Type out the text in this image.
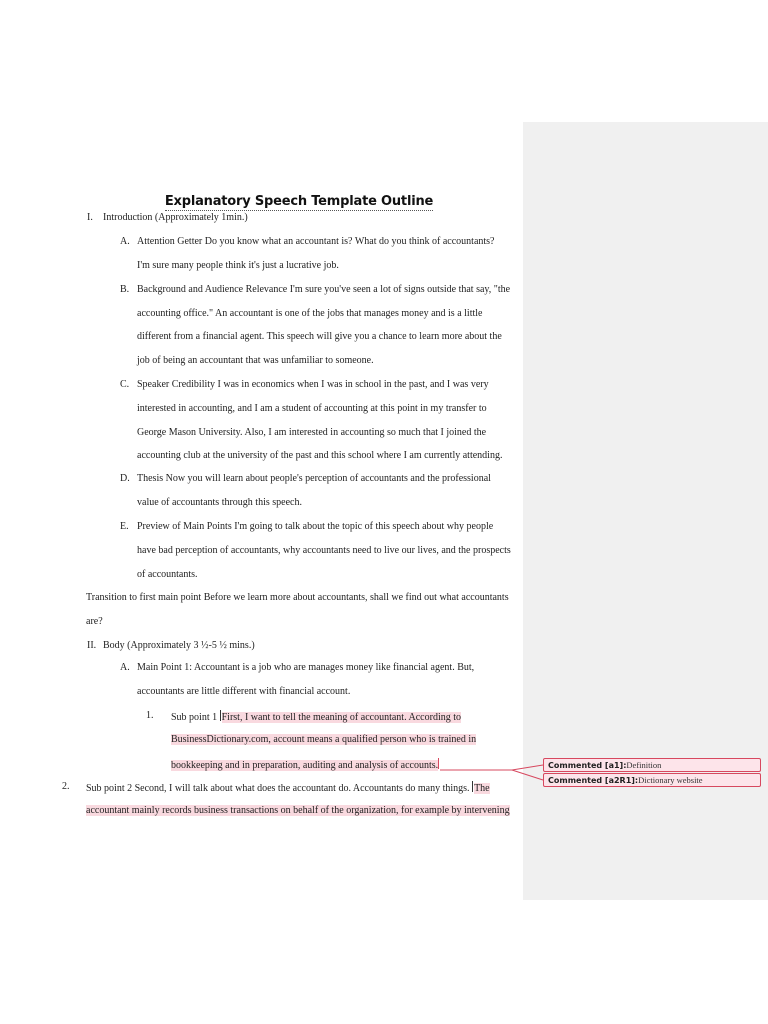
Explanatory Speech Template Outline
I. Introduction (Approximately 1min.)
A. Attention Getter Do you know what an accountant is? What do you think of accountants?
I'm sure many people think it's just a lucrative job.
B. Background and Audience Relevance I'm sure you've seen a lot of signs outside that say, "the
accounting office." An accountant is one of the jobs that manages money and is a little
different from a financial agent. This speech will give you a chance to learn more about the
job of being an accountant that was unfamiliar to someone.
C. Speaker Credibility I was in economics when I was in school in the past, and I was very
interested in accounting, and I am a student of accounting at this point in my transfer to
George Mason University. Also, I am interested in accounting so much that I joined the
accounting club at the university of the past and this school where I am currently attending.
D. Thesis Now you will learn about people's perception of accountants and the professional
value of accountants through this speech.
E. Preview of Main Points I'm going to talk about the topic of this speech about why people
have bad perception of accountants, why accountants need to live our lives, and the prospects
of accountants.
Transition to first main point Before we learn more about accountants, shall we find out what accountants
are?
II. Body (Approximately 3 ½-5 ½ mins.)
A. Main Point 1: Accountant is a job who are manages money like financial agent. But,
accountants are little different with financial account.
1. Sub point 1 First, I want to tell the meaning of accountant. According to
BusinessDictionary.com, account means a qualified person who is trained in
bookkeeping and in preparation, auditing and analysis of accounts.
2. Sub point 2 Second, I will talk about what does the accountant do. Accountants do many things. The
accountant mainly records business transactions on behalf of the organization, for example by intervening
Commented [a1]:Definition
Commented [a2R1]:Dictionary website
